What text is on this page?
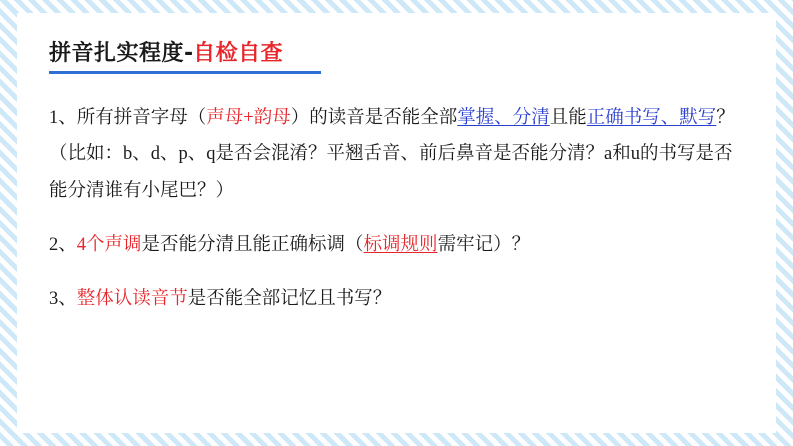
拼音扎实程度 - 自检自查

1、所有拼音字母（声母+韵母）的读音是否能全部掌握、分清且能正确书写、默写？（比如：b、d、p、q是否会混淆？平翘舌音、前后鼻音是否能分清？a和u的书写是否能分清谁有小尾巴？）

2、4个声调是否能分清且能正确标调（标调规则需牢记）？

3、整体认读音节是否能全部记忆且书写？
